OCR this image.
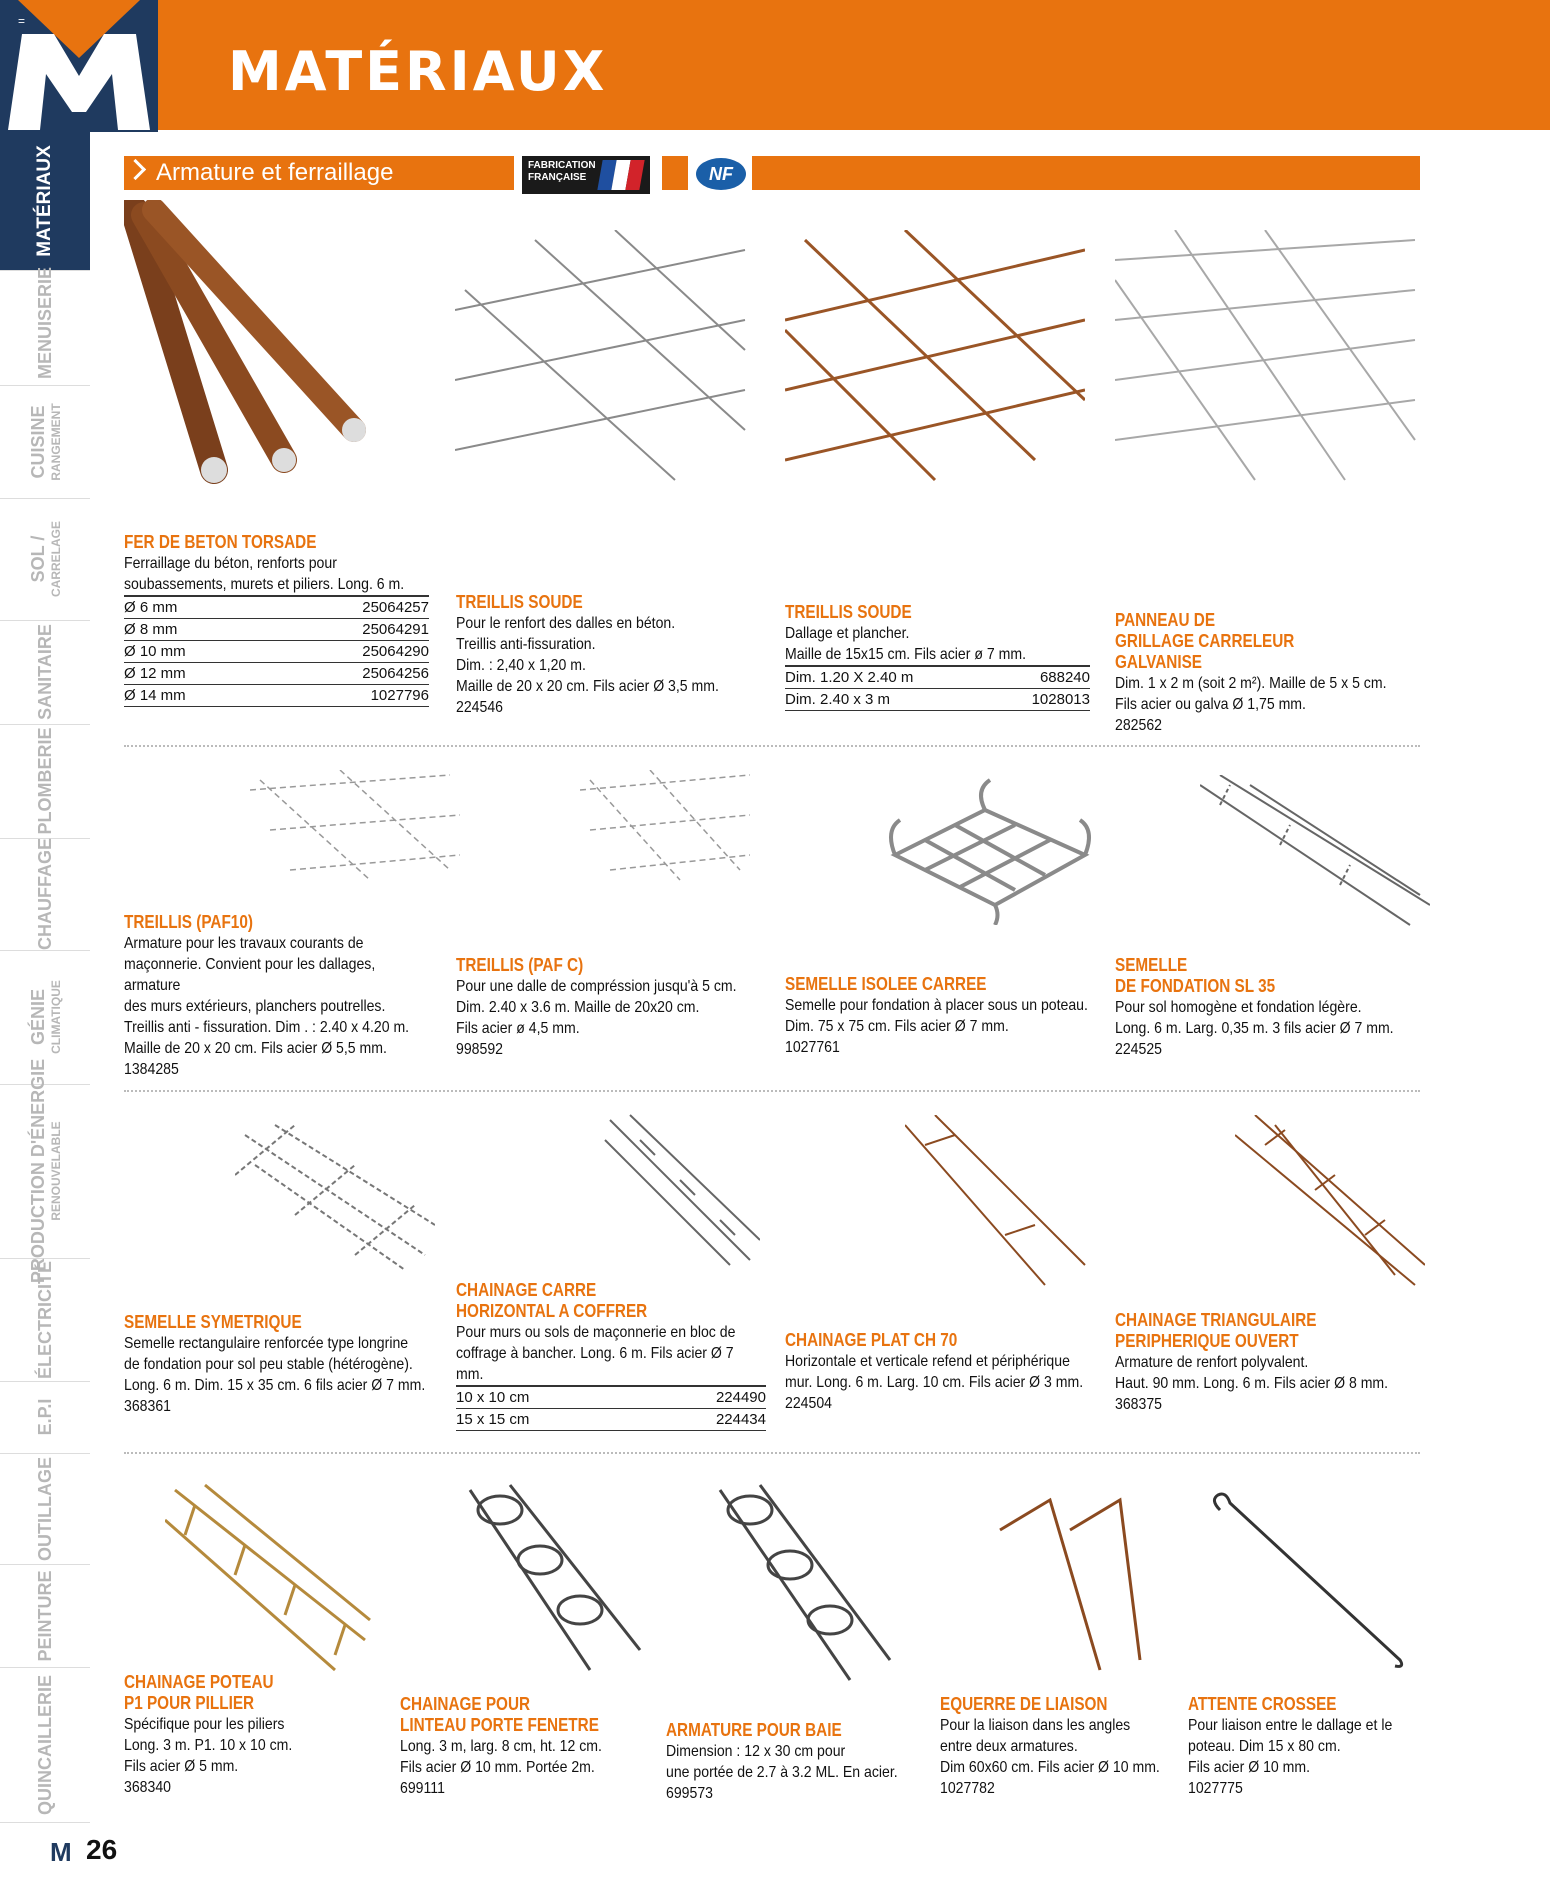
=
MATÉRIAUX
MATÉRIAUX
MENUISERIE
CUISINE RANGEMENT
SOL / CARRELAGE
SANITAIRE
PLOMBERIE
CHAUFFAGE
GÉNIE CLIMATIQUE
PRODUCTION D'ÉNERGIE RENOUVELABLE
ÉLECTRICITÉ
E.P.I
OUTILLAGE
PEINTURE
QUINCAILLERIE
Armature et ferraillage	FABRICATION
FRANÇAISE	NF
FER DE BETON TORSADE
Ferraillage du béton, renforts pour
soubassements, murets et piliers. Long. 6 m.
Ø 6 mm	25064257
Ø 8 mm	25064291
Ø 10 mm	25064290
Ø 12 mm	25064256
Ø 14 mm	1027796
TREILLIS SOUDE
Pour le renfort des dalles en béton.
Treillis anti-fissuration.
Dim. : 2,40 x 1,20 m.
Maille de 20 x 20 cm. Fils acier Ø 3,5 mm.
224546
TREILLIS SOUDE
Dallage et plancher.
Maille de 15x15 cm. Fils acier ø 7 mm.
Dim. 1.20 X 2.40 m	688240
Dim. 2.40 x 3 m	1028013
PANNEAU DE
GRILLAGE CARRELEUR GALVANISE
Dim. 1 x 2 m (soit 2 m²). Maille de 5 x 5 cm.
Fils acier ou galva Ø 1,75 mm.
282562
TREILLIS (PAF10)
Armature pour les travaux courants de
maçonnerie. Convient pour les dallages, armature
des murs extérieurs, planchers poutrelles.
Treillis anti - fissuration. Dim . : 2.40 x 4.20 m.
Maille de 20 x 20 cm. Fils acier Ø 5,5 mm.
1384285
TREILLIS (PAF C)
Pour une dalle de compréssion jusqu'à 5 cm.
Dim. 2.40 x 3.6 m. Maille de 20x20 cm.
Fils acier ø 4,5 mm.
998592
SEMELLE ISOLEE CARREE
Semelle pour fondation à placer sous un poteau.
Dim. 75 x 75 cm. Fils acier Ø 7 mm.
1027761
SEMELLE
DE FONDATION SL 35
Pour sol homogène et fondation légère.
Long. 6 m. Larg. 0,35 m. 3 fils acier Ø 7 mm.
224525
SEMELLE SYMETRIQUE
Semelle rectangulaire renforcée type longrine
de fondation pour sol peu stable (hétérogène).
Long. 6 m. Dim. 15 x 35 cm. 6 fils acier Ø 7 mm.
368361
CHAINAGE CARRE
HORIZONTAL A COFFRER
Pour murs ou sols de maçonnerie en bloc de
coffrage à bancher. Long. 6 m. Fils acier Ø 7 mm.
10 x 10 cm	224490
15 x 15 cm	224434
CHAINAGE PLAT CH 70
Horizontale et verticale refend et périphérique
mur. Long. 6 m. Larg. 10 cm. Fils acier Ø 3 mm.
224504
CHAINAGE TRIANGULAIRE
PERIPHERIQUE OUVERT
Armature de renfort polyvalent.
Haut. 90 mm. Long. 6 m. Fils acier Ø 8 mm.
368375
CHAINAGE POTEAU
P1 POUR PILLIER
Spécifique pour les piliers
Long. 3 m. P1. 10 x 10 cm.
Fils acier Ø 5 mm.
368340
CHAINAGE POUR
LINTEAU PORTE FENETRE
Long. 3 m, larg. 8 cm, ht. 12 cm.
Fils acier Ø 10 mm. Portée 2m.
699111
ARMATURE POUR BAIE
Dimension : 12 x 30 cm pour
une portée de 2.7 à 3.2 ML. En acier.
699573
EQUERRE DE LIAISON
Pour la liaison dans les angles
entre deux armatures.
Dim 60x60 cm. Fils acier Ø 10 mm.
1027782
ATTENTE CROSSEE
Pour liaison entre le dallage et le
poteau. Dim 15 x 80 cm.
Fils acier Ø 10 mm.
1027775
M 26
